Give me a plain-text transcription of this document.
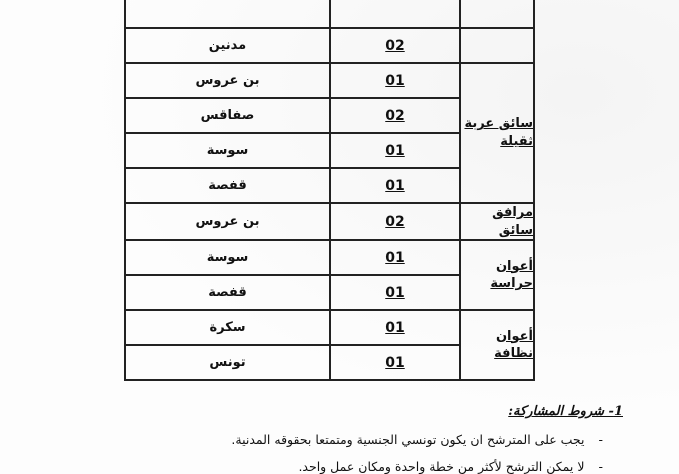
مدنين	02	
بن عروس	01	سائق عربة ثقيلة
صفاقس	02	
سوسة	01	
قفصة	01	
بن عروس	02	مرافق سائق
سوسة	01	أعوان حراسة
قفصة	01	
سكرة	01	أعوان نظافة
تونس	01	
1- شروط المشاركة:
-يجب على المترشح ان يكون تونسي الجنسية ومتمتعا بحقوقه المدنية.
-لا يمكن الترشح لأكثر من خطة واحدة ومكان عمل واحد.
